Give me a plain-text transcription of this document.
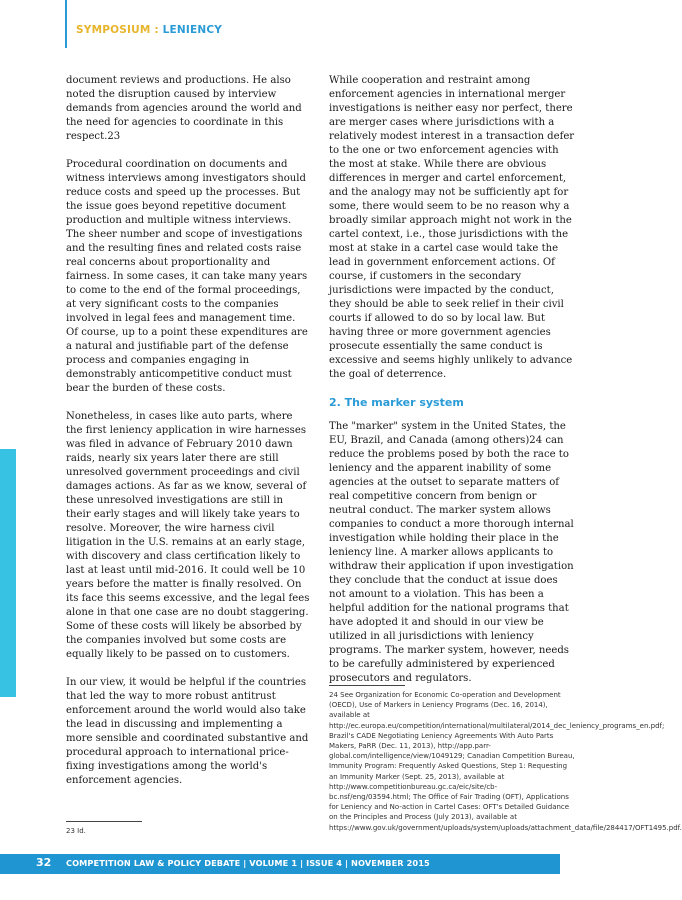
SYMPOSIUM : LENIENCY

document reviews and productions. He also noted the disruption caused by interview demands from agencies around the world and the need for agencies to coordinate in this respect.23

Procedural coordination on documents and witness interviews among investigators should reduce costs and speed up the processes. But the issue goes beyond repetitive document production and multiple witness interviews. The sheer number and scope of investigations and the resulting fines and related costs raise real concerns about proportionality and fairness. In some cases, it can take many years to come to the end of the formal proceedings, at very significant costs to the companies involved in legal fees and management time. Of course, up to a point these expenditures are a natural and justifiable part of the defense process and companies engaging in demonstrably anticompetitive conduct must bear the burden of these costs.

Nonetheless, in cases like auto parts, where the first leniency application in wire harnesses was filed in advance of February 2010 dawn raids, nearly six years later there are still unresolved government proceedings and civil damages actions. As far as we know, several of these unresolved investigations are still in their early stages and will likely take years to resolve. Moreover, the wire harness civil litigation in the U.S. remains at an early stage, with discovery and class certification likely to last at least until mid-2016. It could well be 10 years before the matter is finally resolved. On its face this seems excessive, and the legal fees alone in that one case are no doubt staggering. Some of these costs will likely be absorbed by the companies involved but some costs are equally likely to be passed on to customers.

In our view, it would be helpful if the countries that led the way to more robust antitrust enforcement around the world would also take the lead in discussing and implementing a more sensible and coordinated substantive and procedural approach to international price-fixing investigations among the world's enforcement agencies.

While cooperation and restraint among enforcement agencies in international merger investigations is neither easy nor perfect, there are merger cases where jurisdictions with a relatively modest interest in a transaction defer to the one or two enforcement agencies with the most at stake. While there are obvious differences in merger and cartel enforcement, and the analogy may not be sufficiently apt for some, there would seem to be no reason why a broadly similar approach might not work in the cartel context, i.e., those jurisdictions with the most at stake in a cartel case would take the lead in government enforcement actions. Of course, if customers in the secondary jurisdictions were impacted by the conduct, they should be able to seek relief in their civil courts if allowed to do so by local law. But having three or more government agencies prosecute essentially the same conduct is excessive and seems highly unlikely to advance the goal of deterrence.

2. The marker system

The "marker" system in the United States, the EU, Brazil, and Canada (among others)24 can reduce the problems posed by both the race to leniency and the apparent inability of some agencies at the outset to separate matters of real competitive concern from benign or neutral conduct. The marker system allows companies to conduct a more thorough internal investigation while holding their place in the leniency line. A marker allows applicants to withdraw their application if upon investigation they conclude that the conduct at issue does not amount to a violation. This has been a helpful addition for the national programs that have adopted it and should in our view be utilized in all jurisdictions with leniency programs. The marker system, however, needs to be carefully administered by experienced prosecutors and regulators.

23 Id.
24 See Organization for Economic Co-operation and Development (OECD), Use of Markers in Leniency Programs (Dec. 16, 2014), available at http://ec.europa.eu/competition/international/multilateral/2014_dec_leniency_programs_en.pdf; Brazil's CADE Negotiating Leniency Agreements With Auto Parts Makers, PaRR (Dec. 11, 2013), http://app.parr-global.com/intelligence/view/1049129; Canadian Competition Bureau, Immunity Program: Frequently Asked Questions, Step 1: Requesting an Immunity Marker (Sept. 25, 2013), available at http://www.competitionbureau.gc.ca/eic/site/cb-bc.nsf/eng/03594.html; The Office of Fair Trading (OFT), Applications for Leniency and No-action in Cartel Cases: OFT's Detailed Guidance on the Principles and Process (July 2013), available at https://www.gov.uk/government/uploads/system/uploads/attachment_data/file/284417/OFT1495.pdf.
32 COMPETITION LAW & POLICY DEBATE | VOLUME 1 | ISSUE 4 | NOVEMBER 2015
